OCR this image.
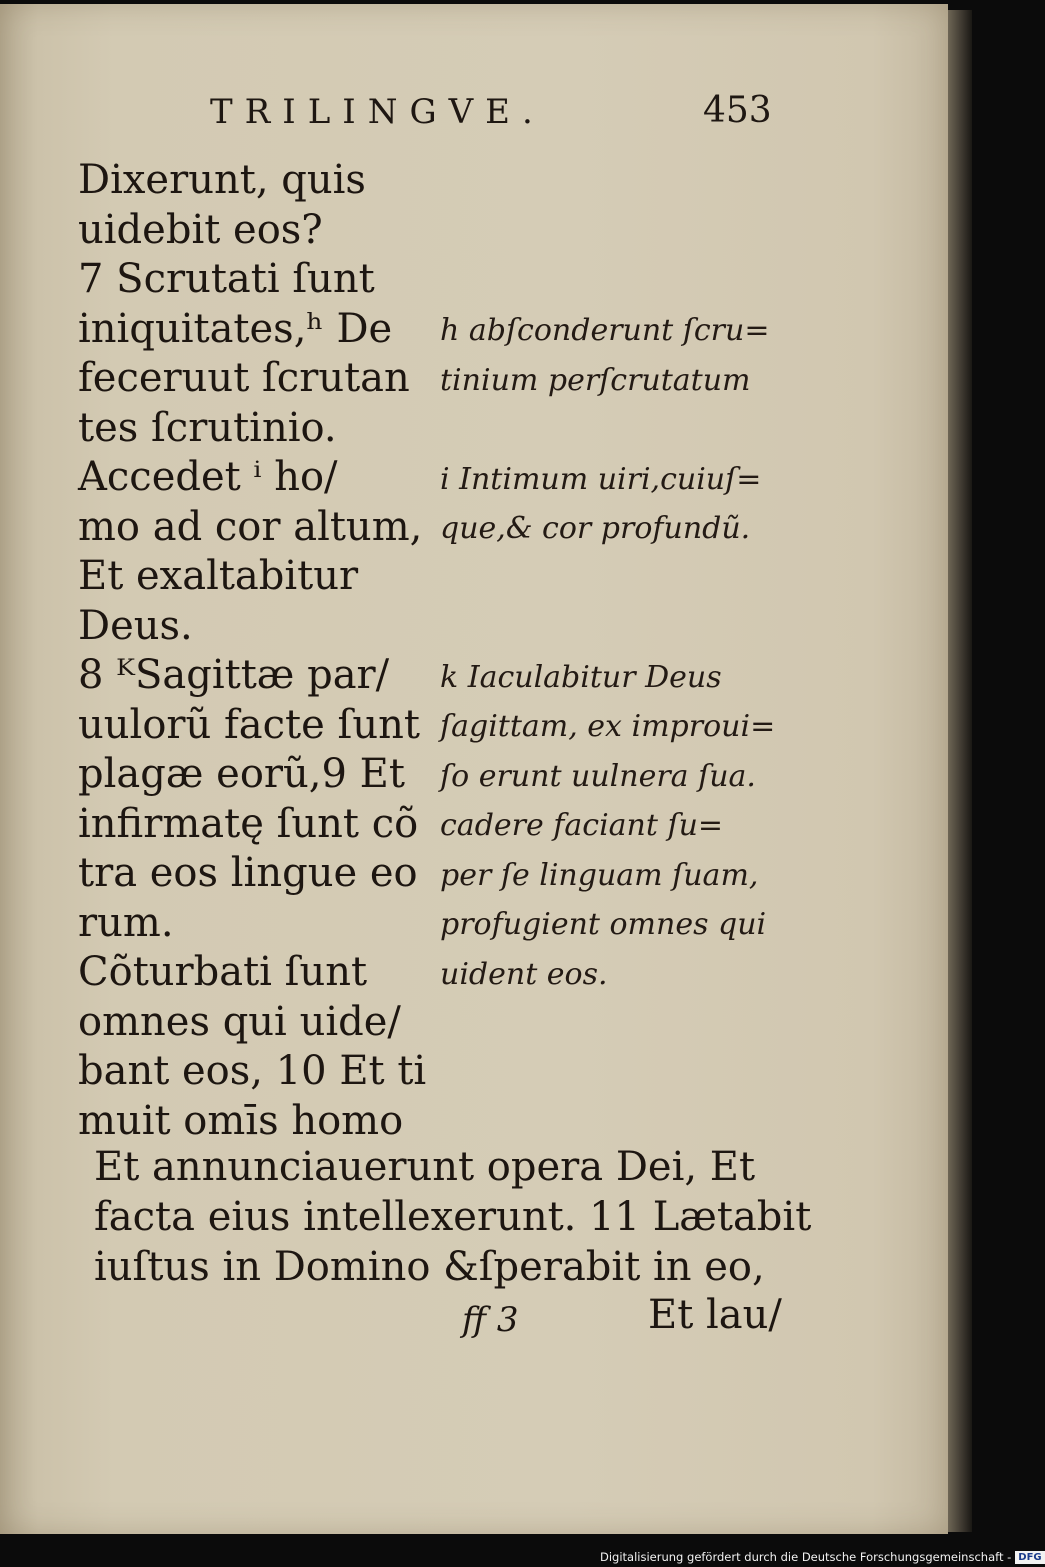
TRILINGVE.	453
Dixerunt, quis
uidebit eos?
7 Scrutati ſunt
iniquitates,ʰ De
feceruut ſcrutan
tes ſcrutinio.
Accedet ⁱ ho/
mo ad cor altum,
Et exaltabitur
Deus.
8 ᴷSagittæ par/
uulorũ facte ſunt
plagæ eorũ,9 Et
infirmatę ſunt cõ
tra eos lingue eo
rum.
Cõturbati ſunt
omnes qui uide/
bant eos, 10 Et ti
muit omīs homo
h abſconderunt ſcru=
tinium perſcrutatum
i Intimum uiri,cuiuſ=
que,& cor profundũ.
k Iaculabitur Deus
ſagittam, ex improui=
ſo erunt uulnera ſua.
cadere faciant ſu=
per ſe linguam ſuam,
profugient omnes qui
uident eos.
Et annunciauerunt opera Dei, Et
facta eius intellexerunt. 11 Lætabit
iuſtus in Domino &ſperabit in eo,
ff 3	Et lau/
Digitalisierung gefördert durch die Deutsche Forschungsgemeinschaft - DFG
